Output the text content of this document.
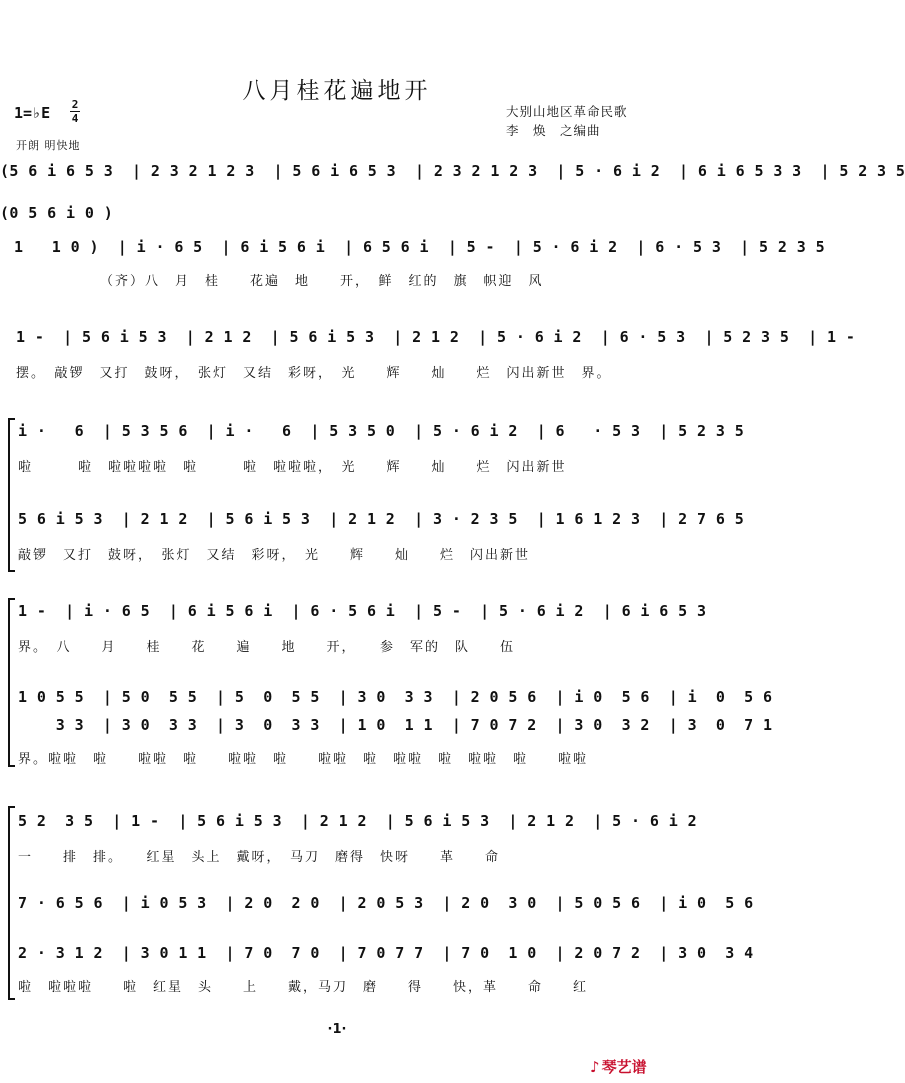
八月桂花遍地开
1=♭E 2
4
开朗 明快地
大别山地区革命民歌
李　焕　之编曲
(5 6 i 6 5 3  | 2 3 2 1 2 3  | 5 6 i 6 5 3  | 2 3 2 1 2 3  | 5 · 6 i 2  | 6 i 6 5 3 3  | 5 2 3 5
(0 5 6 i 0 )
1   1 0 )  | i · 6 5  | 6 i 5 6 i  | 6 5 6 i  | 5 -  | 5 · 6 i 2  | 6 · 5 3  | 5 2 3 5
（齐）八　月　桂　　花遍　地　　开，　鲜　红的　旗　帜迎　风
1 -  | 5 6 i 5 3  | 2 1 2  | 5 6 i 5 3  | 2 1 2  | 5 · 6 i 2  | 6 · 5 3  | 5 2 3 5  | 1 -
摆。　敲锣　又打　鼓呀，　张灯　又结　彩呀，　光　　辉　　灿　　烂　闪出新世　界。
i ·   6  | 5 3 5 6  | i ·   6  | 5 3 5 0  | 5 · 6 i 2  | 6   · 5 3  | 5 2 3 5
啦　　　啦　啦啦啦啦　啦　　　啦　啦啦啦，　光　　辉　　灿　　烂　闪出新世
5 6 i 5 3  | 2 1 2  | 5 6 i 5 3  | 2 1 2  | 3 · 2 3 5  | 1 6 1 2 3  | 2 7 6 5
敲锣　又打　鼓呀，　张灯　又结　彩呀，　光　　辉　　灿　　烂　闪出新世
1 -  | i · 6 5  | 6 i 5 6 i  | 6 · 5 6 i  | 5 -  | 5 · 6 i 2  | 6 i 6 5 3
界。　八　　月　　桂　　花　　遍　　地　　开，　　参　军的　队　　伍
1 0 5 5  | 5 0  5 5  | 5  0  5 5  | 3 0  3 3  | 2 0 5 6  | i 0  5 6  | i  0  5 6
3 3  | 3 0  3 3  | 3  0  3 3  | 1 0  1 1  | 7 0 7 2  | 3 0  3 2  | 3  0  7 1
界。啦啦　啦　　啦啦　啦　　啦啦　啦　　啦啦　啦　啦啦　啦　啦啦　啦　　啦啦
5 2  3 5  | 1 -  | 5 6 i 5 3  | 2 1 2  | 5 6 i 5 3  | 2 1 2  | 5 · 6 i 2
一　　排　排。　　红星　头上　戴呀，　马刀　磨得　快呀　　革　　命
7 · 6 5 6  | i 0 5 3  | 2 0  2 0  | 2 0 5 3  | 2 0  3 0  | 5 0 5 6  | i 0  5 6
2 · 3 1 2  | 3 0 1 1  | 7 0  7 0  | 7 0 7 7  | 7 0  1 0  | 2 0 7 2  | 3 0  3 4
啦　啦啦啦　　啦　红星　头　　上　　戴，马刀　磨　　得　　快，革　　命　　红
·1·
♪ 琴艺谱
